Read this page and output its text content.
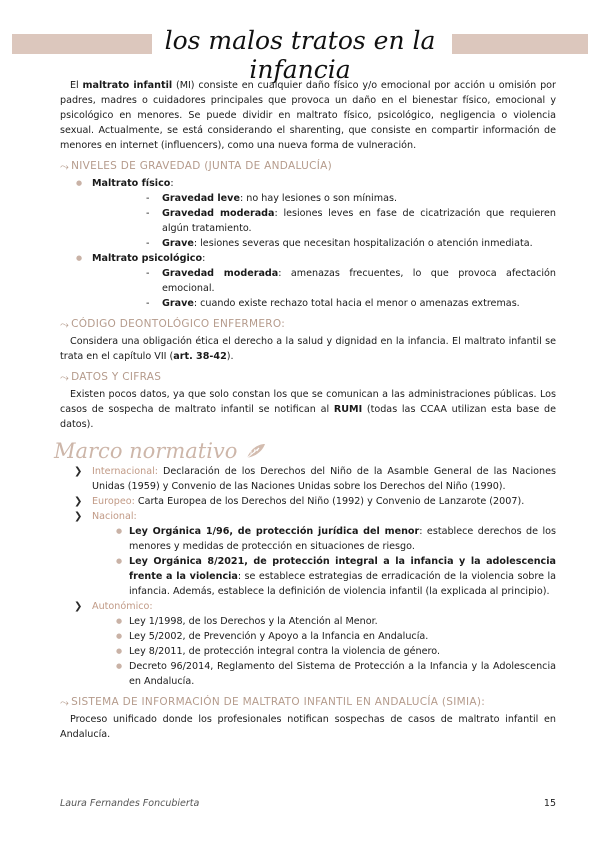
los malos tratos en la infancia

El maltrato infantil (MI) consiste en cualquier daño físico y/o emocional por acción u omisión por padres, madres o cuidadores principales que provoca un daño en el bienestar físico, emocional y psicológico en menores. Se puede dividir en maltrato físico, psicológico, negligencia o violencia sexual. Actualmente, se está considerando el sharenting, que consiste en compartir información de menores en internet (influencers), como una nueva forma de vulneración.

⤳ NIVELES DE GRAVEDAD (JUNTA DE ANDALUCÍA)
● Maltrato físico:
- Gravedad leve: no hay lesiones o son mínimas.
- Gravedad moderada: lesiones leves en fase de cicatrización que requieren algún tratamiento.
- Grave: lesiones severas que necesitan hospitalización o atención inmediata.
● Maltrato psicológico:
- Gravedad moderada: amenazas frecuentes, lo que provoca afectación emocional.
- Grave: cuando existe rechazo total hacia el menor o amenazas extremas.
⤳ CÓDIGO DEONTOLÓGICO ENFERMERO:

Considera una obligación ética el derecho a la salud y dignidad en la infancia. El maltrato infantil se trata en el capítulo VII (art. 38-42).

⤳ DATOS Y CIFRAS

Existen pocos datos, ya que solo constan los que se comunican a las administraciones públicas. Los casos de sospecha de maltrato infantil se notifican al RUMI (todas las CCAA utilizan esta base de datos).

Marco normativo
❯ Internacional: Declaración de los Derechos del Niño de la Asamble General de las Naciones Unidas (1959) y Convenio de las Naciones Unidas sobre los Derechos del Niño (1990).
❯ Europeo: Carta Europea de los Derechos del Niño (1992) y Convenio de Lanzarote (2007).
❯ Nacional:
● Ley Orgánica 1/96, de protección jurídica del menor: establece derechos de los menores y medidas de protección en situaciones de riesgo.
● Ley Orgánica 8/2021, de protección integral a la infancia y la adolescencia frente a la violencia: se establece estrategias de erradicación de la violencia sobre la infancia. Además, establece la definición de violencia infantil (la explicada al principio).
❯ Autonómico:
● Ley 1/1998, de los Derechos y la Atención al Menor.
● Ley 5/2002, de Prevención y Apoyo a la Infancia en Andalucía.
● Ley 8/2011, de protección integral contra la violencia de género.
● Decreto 96/2014, Reglamento del Sistema de Protección a la Infancia y la Adolescencia en Andalucía.
⤳ SISTEMA DE INFORMACIÓN DE MALTRATO INFANTIL EN ANDALUCÍA (SIMIA):

Proceso unificado donde los profesionales notifican sospechas de casos de maltrato infantil en Andalucía.

Laura Fernandes Foncubierta	15
